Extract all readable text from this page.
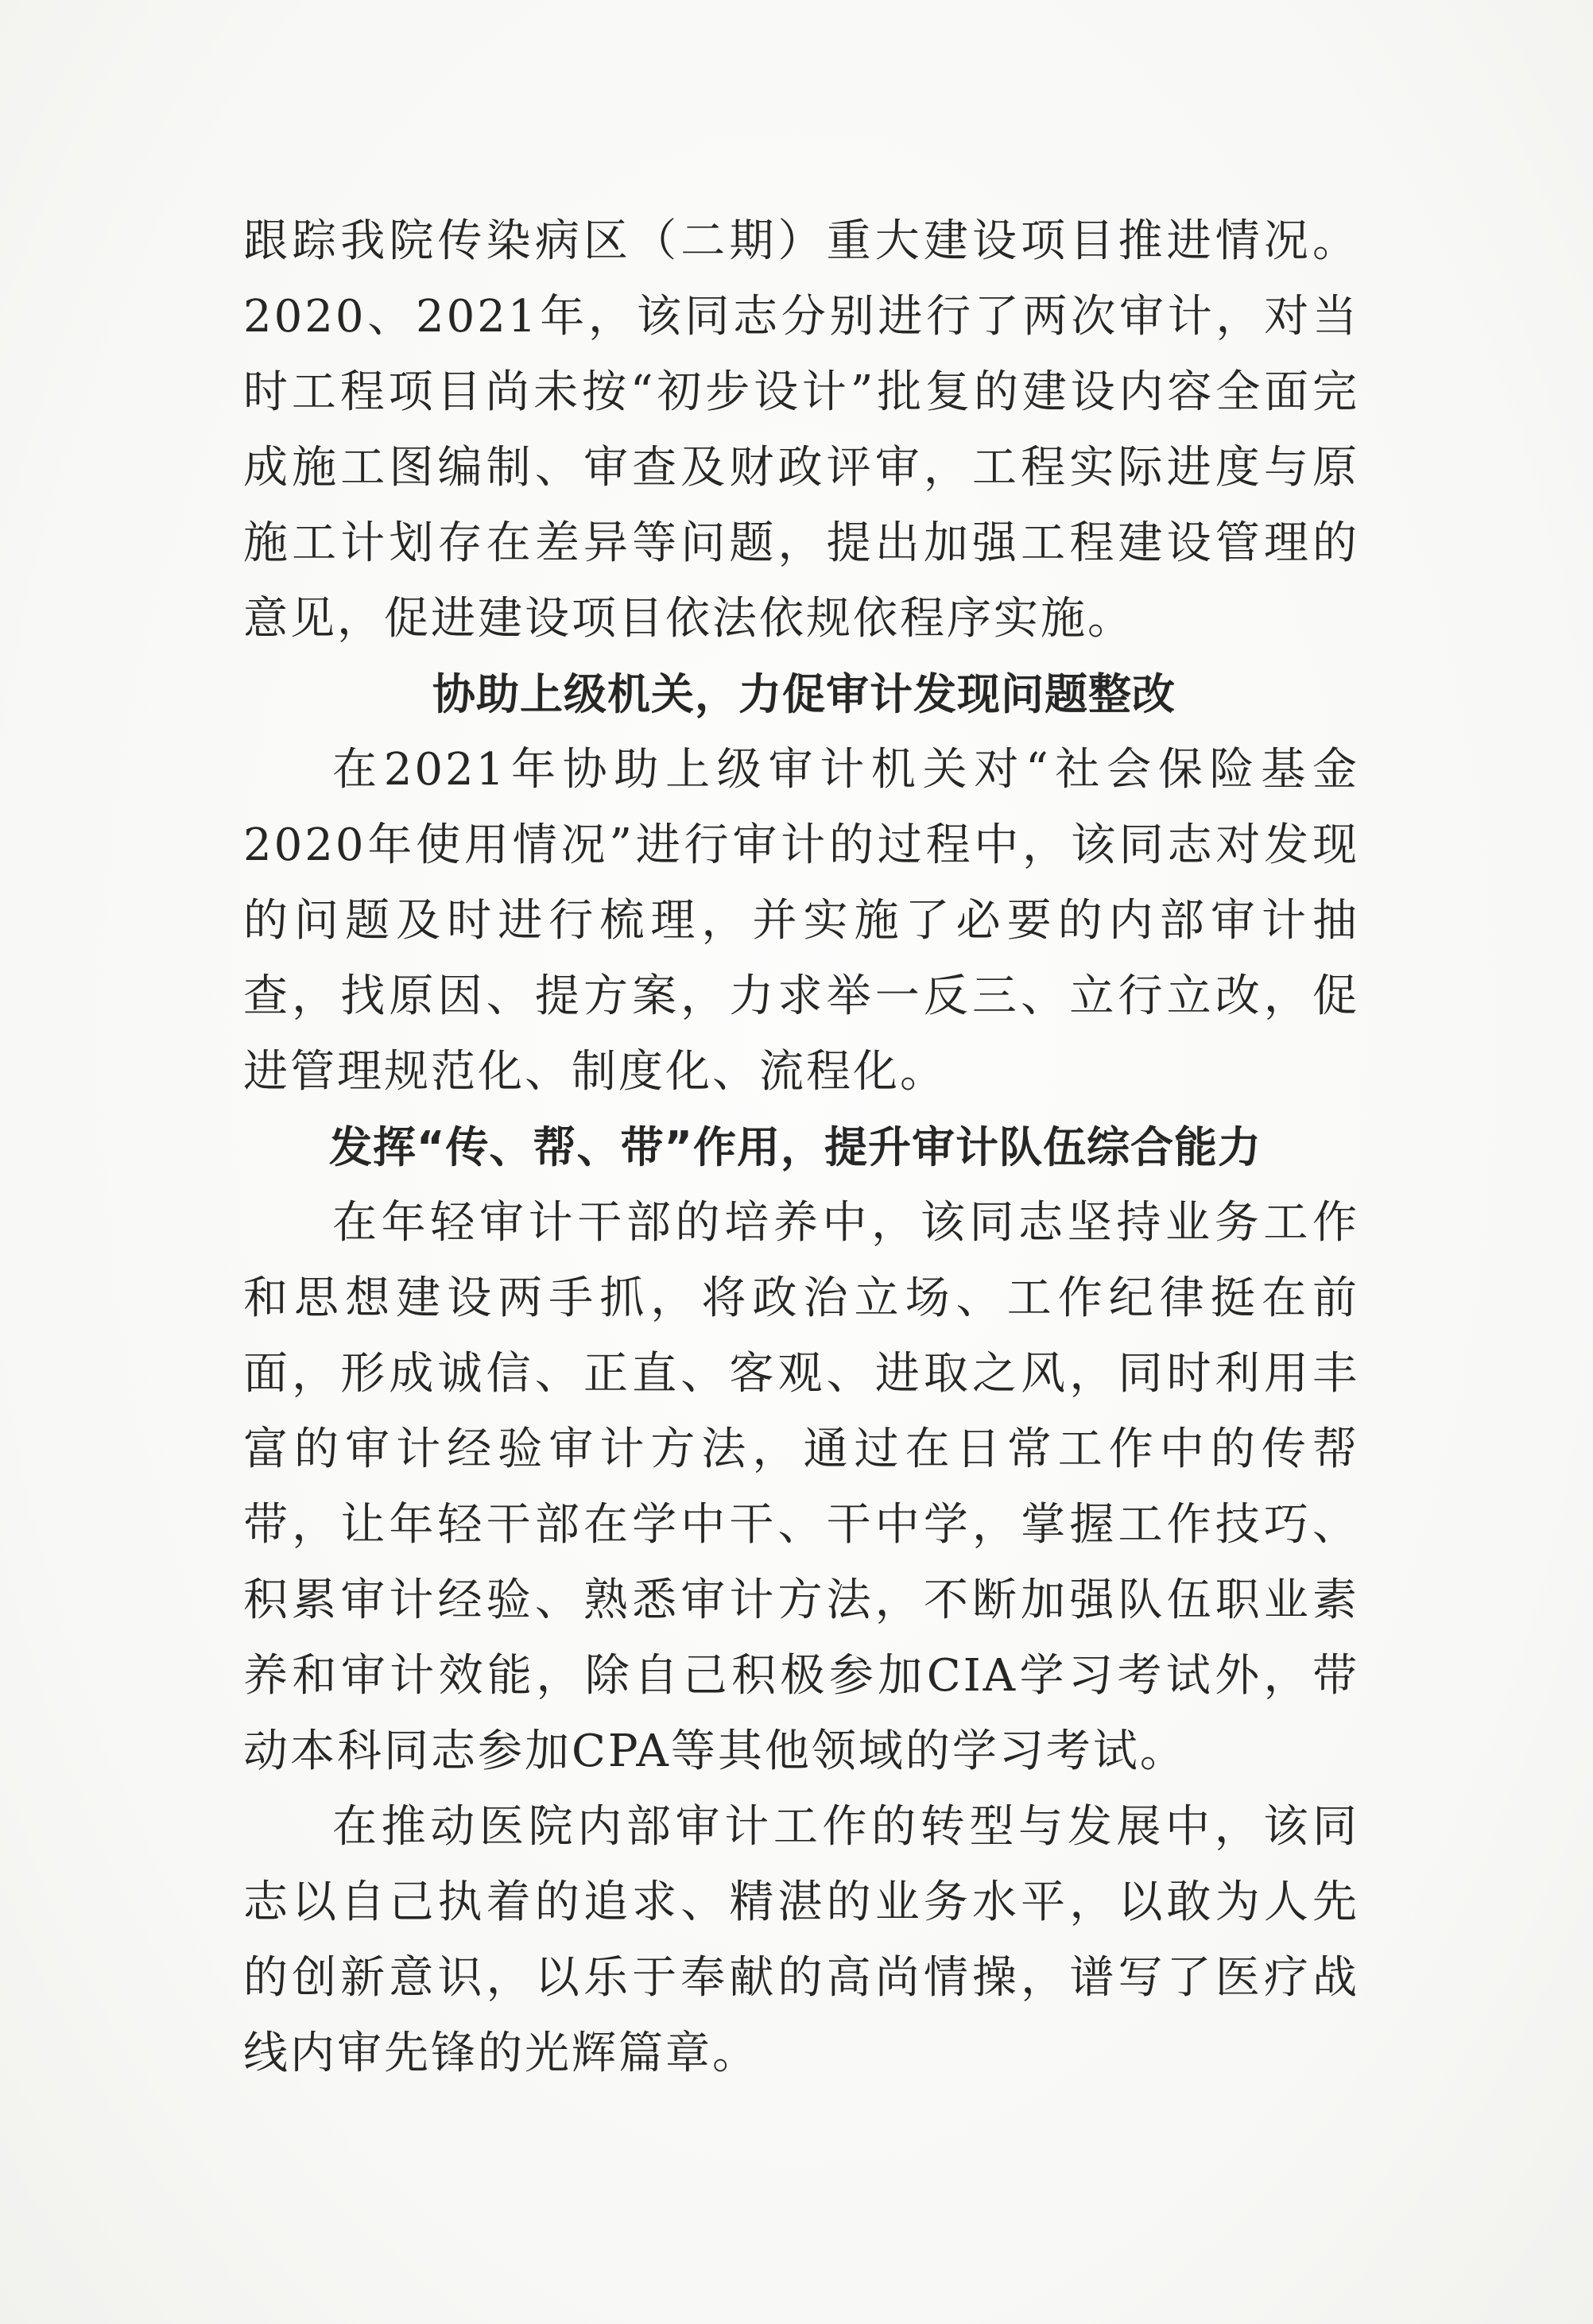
跟踪我院传染病区（二期）重大建设项目推进情况。2020、2021年，该同志分别进行了两次审计，对当时工程项目尚未按“初步设计”批复的建设内容全面完成施工图编制、审查及财政评审，工程实际进度与原施工计划存在差异等问题，提出加强工程建设管理的意见，促进建设项目依法依规依程序实施。

协助上级机关，力促审计发现问题整改

在2021年协助上级审计机关对“社会保险基金2020年使用情况”进行审计的过程中，该同志对发现的问题及时进行梳理，并实施了必要的内部审计抽查，找原因、提方案，力求举一反三、立行立改，促进管理规范化、制度化、流程化。

发挥“传、帮、带”作用，提升审计队伍综合能力

在年轻审计干部的培养中，该同志坚持业务工作和思想建设两手抓，将政治立场、工作纪律挺在前面，形成诚信、正直、客观、进取之风，同时利用丰富的审计经验审计方法，通过在日常工作中的传帮带，让年轻干部在学中干、干中学，掌握工作技巧、积累审计经验、熟悉审计方法，不断加强队伍职业素养和审计效能，除自己积极参加CIA学习考试外，带动本科同志参加CPA等其他领域的学习考试。

在推动医院内部审计工作的转型与发展中，该同志以自己执着的追求、精湛的业务水平，以敢为人先的创新意识，以乐于奉献的高尚情操，谱写了医疗战线内审先锋的光辉篇章。
